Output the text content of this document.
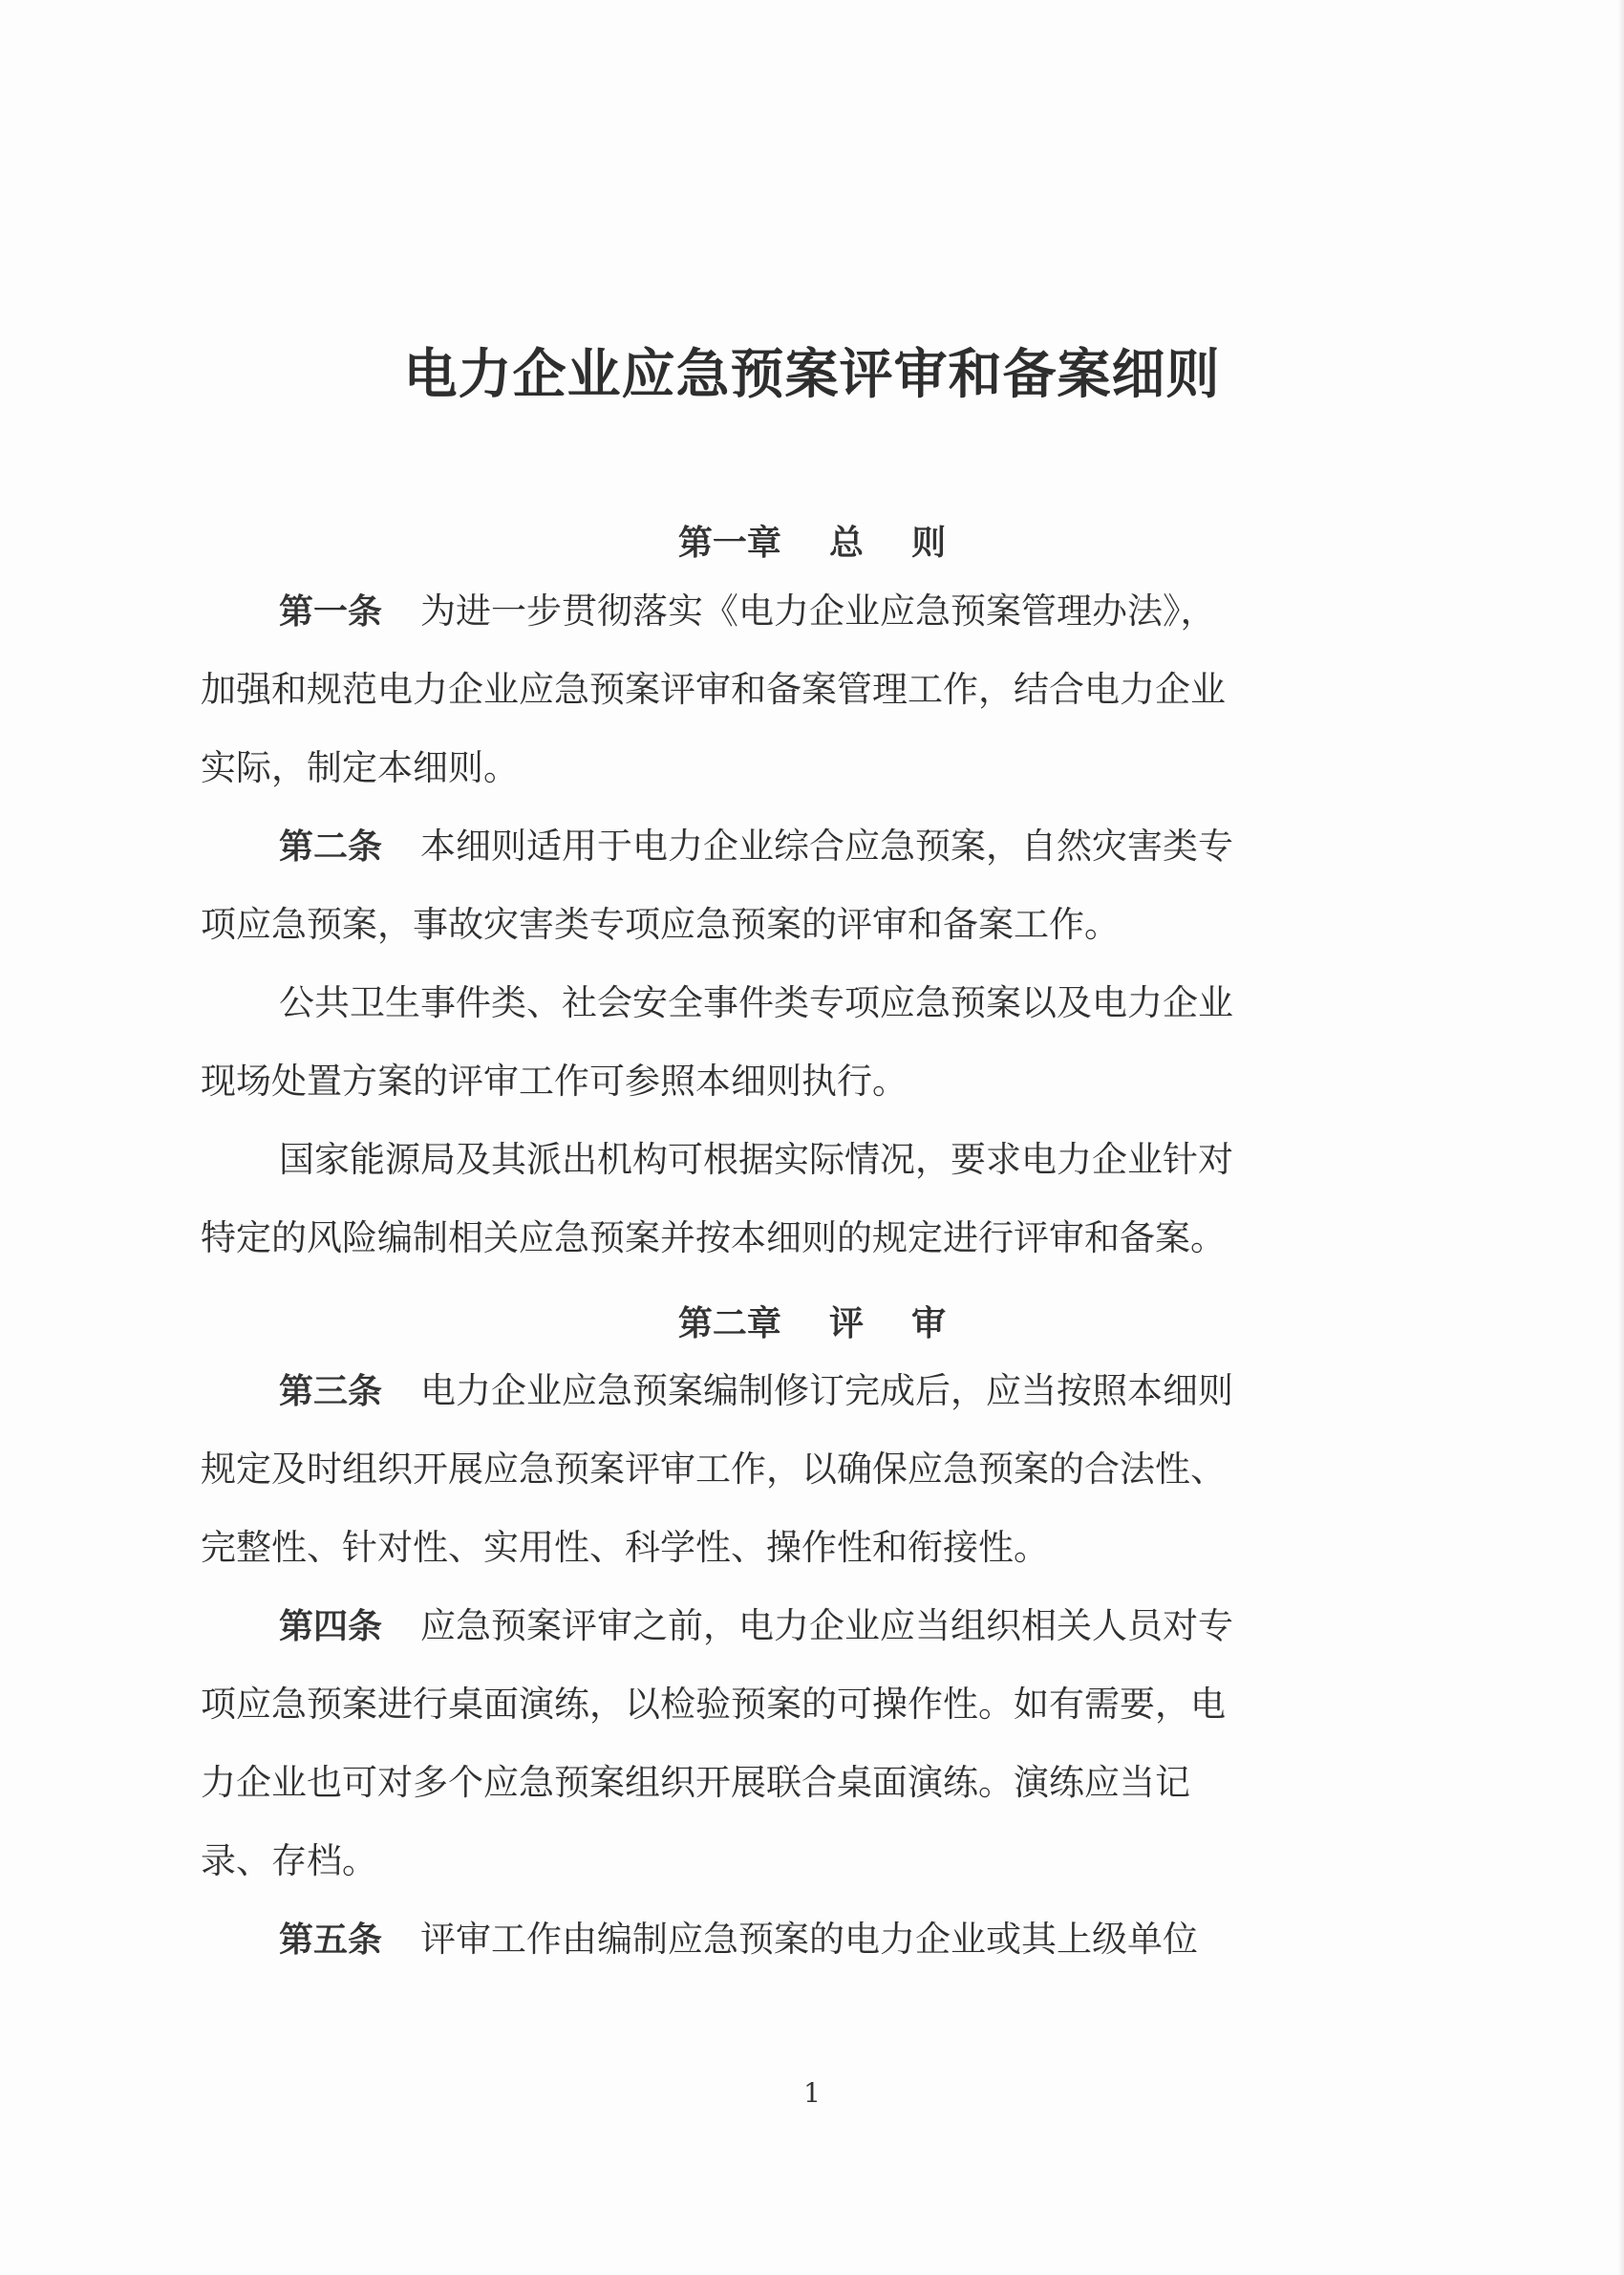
电力企业应急预案评审和备案细则

第一章    总    则

第一条 为进一步贯彻落实《电力企业应急预案管理办法》，

加强和规范电力企业应急预案评审和备案管理工作，结合电力企业

实际，制定本细则。

第二条 本细则适用于电力企业综合应急预案，自然灾害类专

项应急预案，事故灾害类专项应急预案的评审和备案工作。

公共卫生事件类、社会安全事件类专项应急预案以及电力企业

现场处置方案的评审工作可参照本细则执行。

国家能源局及其派出机构可根据实际情况，要求电力企业针对

特定的风险编制相关应急预案并按本细则的规定进行评审和备案。

第二章    评    审

第三条 电力企业应急预案编制修订完成后，应当按照本细则

规定及时组织开展应急预案评审工作，以确保应急预案的合法性、

完整性、针对性、实用性、科学性、操作性和衔接性。

第四条 应急预案评审之前，电力企业应当组织相关人员对专

项应急预案进行桌面演练，以检验预案的可操作性。如有需要，电

力企业也可对多个应急预案组织开展联合桌面演练。演练应当记

录、存档。

第五条 评审工作由编制应急预案的电力企业或其上级单位

1
